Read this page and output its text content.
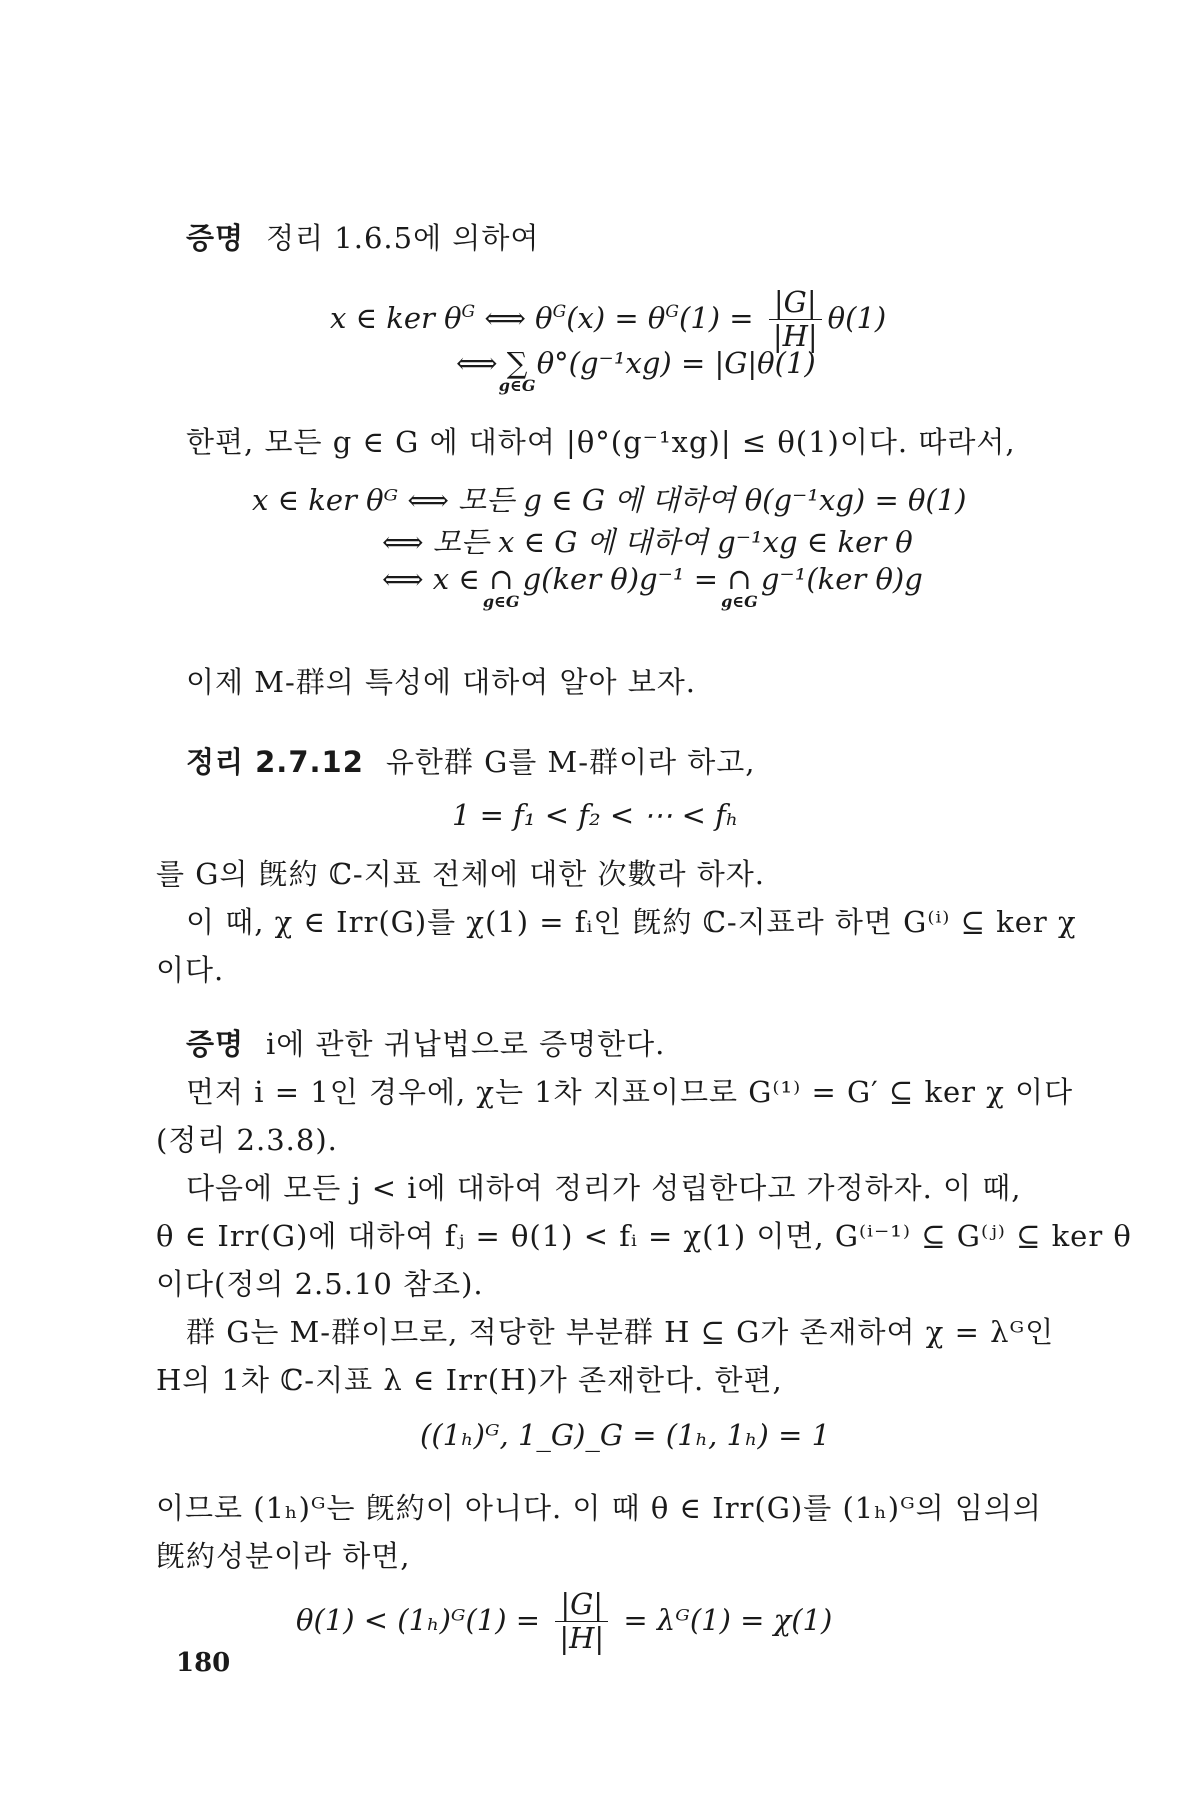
증명 정리 1.6.5에 의하여
x ∈ ker $\theta^G$ ⟺ $\theta^G(x) = \theta^G(1) = \frac{|G|}{|H|} \theta(1)$
⟺ ∑
g∈G
θ°(g⁻¹xg) = |G|θ(1)
한편, 모든 g ∈ G 에 대하여 |θ°(g⁻¹xg)| ≤ θ(1)이다. 따라서,
x ∈ ker θᴳ ⟺ 모든 g ∈ G 에 대하여 θ(g⁻¹xg) = θ(1)
⟺ 모든 x ∈ G 에 대하여 g⁻¹xg ∈ ker θ
⟺ x ∈ ∩
g∈G
g(ker θ)g⁻¹ = ∩
g∈G
g⁻¹(ker θ)g
이제 M-群의 특성에 대하여 알아 보자.
정리 2.7.12 유한群 G를 M-群이라 하고,
1 = f₁ < f₂ < ⋯ < fₕ
를 G의 旣約 ℂ-지표 전체에 대한 次數라 하자.
이 때, χ ∈ Irr(G)를 χ(1) = fᵢ인 旣約 ℂ-지표라 하면 G⁽ⁱ⁾ ⊆ ker χ
이다.
증명 i에 관한 귀납법으로 증명한다.
먼저 i = 1인 경우에, χ는 1차 지표이므로 G⁽¹⁾ = G′ ⊆ ker χ 이다
(정리 2.3.8).
다음에 모든 j < i에 대하여 정리가 성립한다고 가정하자. 이 때,
θ ∈ Irr(G)에 대하여 fⱼ = θ(1) < fᵢ = χ(1) 이면, G⁽ⁱ⁻¹⁾ ⊆ G⁽ʲ⁾ ⊆ ker θ
이다(정의 2.5.10 참조).
群 G는 M-群이므로, 적당한 부분群 H ⊆ G가 존재하여 χ = λᴳ인
H의 1차 ℂ-지표 λ ∈ Irr(H)가 존재한다. 한편,
((1ₕ)ᴳ, 1_G)_G = (1ₕ, 1ₕ) = 1
이므로 (1ₕ)ᴳ는 旣約이 아니다. 이 때 θ ∈ Irr(G)를 (1ₕ)ᴳ의 임의의
旣約성분이라 하면,
θ(1) < (1ₕ)ᴳ(1) = $\frac{|G|}{|H|}$ = λᴳ(1) = χ(1)
180
